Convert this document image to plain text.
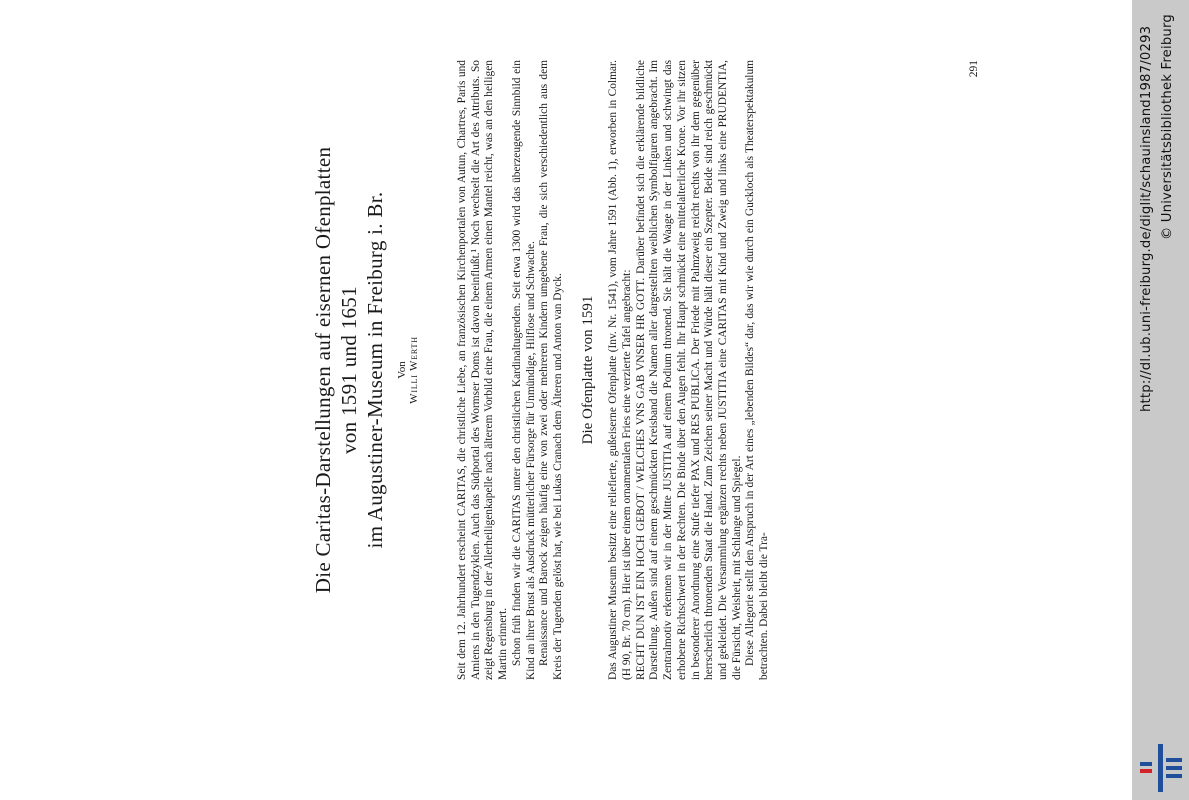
Die Caritas-Darstellungen auf eisernen Ofenplatten von 1591 und 1651 im Augustiner-Museum in Freiburg i. Br. Von Willi Werth	Seit dem 12. Jahrhundert erscheint CARITAS, die christliche Liebe, an französischen Kirchenportalen von Autun, Chartres, Paris und Amiens in den Tugendzyklen. Auch das Südportal des Wormser Doms ist davon beeinflußt.¹ Noch wechselt die Art des Attributs. So zeigt Regensburg in der Allerheiligenkapelle nach älterem Vorbild eine Frau, die einem Armen einen Mantel reicht, was an den heiligen Martin erinnert. Schon früh finden wir die CARITAS unter den christlichen Kardinaltugenden. Seit etwa 1300 wird das überzeugende Sinnbild ein Kind an ihrer Brust als Ausdruck mütterlicher Fürsorge für Unmündige, Hilflose und Schwache. Renaissance und Barock zeigen häufig eine von zwei oder mehreren Kindern umgebene Frau, die sich verschiedentlich aus dem Kreis der Tugenden gelöst hat, wie bei Lukas Cranach dem Älteren und Anton van Dyck. Die Ofenplatte von 1591 Das Augustiner Museum besitzt eine reliefierte, gußeiserne Ofenplatte (Inv. Nr. 1541), vom Jahre 1591 (Abb. 1), erworben in Colmar. (H 90, Br. 70 cm). Hier ist über einem ornamentalen Fries eine verzierte Tafel angebracht: RECHT DUN IST EIN HOCH GEBOT / WELCHES VNS GAB VNSER HR GOTT. Darüber befindet sich die erklärende bildliche Darstellung. Außen sind auf einem geschmückten Kreisband die Namen aller dargestellten weiblichen Symbolfiguren angebracht. Im Zentralmotiv erkennen wir in der Mitte JUSTITIA auf einem Podium thronend. Sie hält die Waage in der Linken und schwingt das erhobene Richtschwert in der Rechten. Die Binde über den Augen fehlt. Ihr Haupt schmückt eine mittelalterliche Krone. Vor ihr sitzen in besonderer Anordnung eine Stufe tiefer PAX und RES PUBLICA. Der Friede mit Palmzweig reicht rechts von ihr dem gegenüber herrscherlich thronenden Staat die Hand. Zum Zeichen seiner Macht und Würde hält dieser ein Szepter. Beide sind reich geschmückt und gekleidet. Die Versammlung ergänzen rechts neben JUSTITIA eine CARITAS mit Kind und Zweig und links eine PRUDENTIA, die Fürsicht, Weisheit, mit Schlange und Spiegel. Diese Allegorie stellt den Anspruch in der Art eines „lebenden Bildes“ dar, das wir wie durch ein Guckloch als Theaterspektakulum betrachten. Dabei bleibt die Tra-

291	http://dl.ub.uni-freiburg.de/diglit/schauinsland1987/0293 © Universitätsbibliothek Freiburg
